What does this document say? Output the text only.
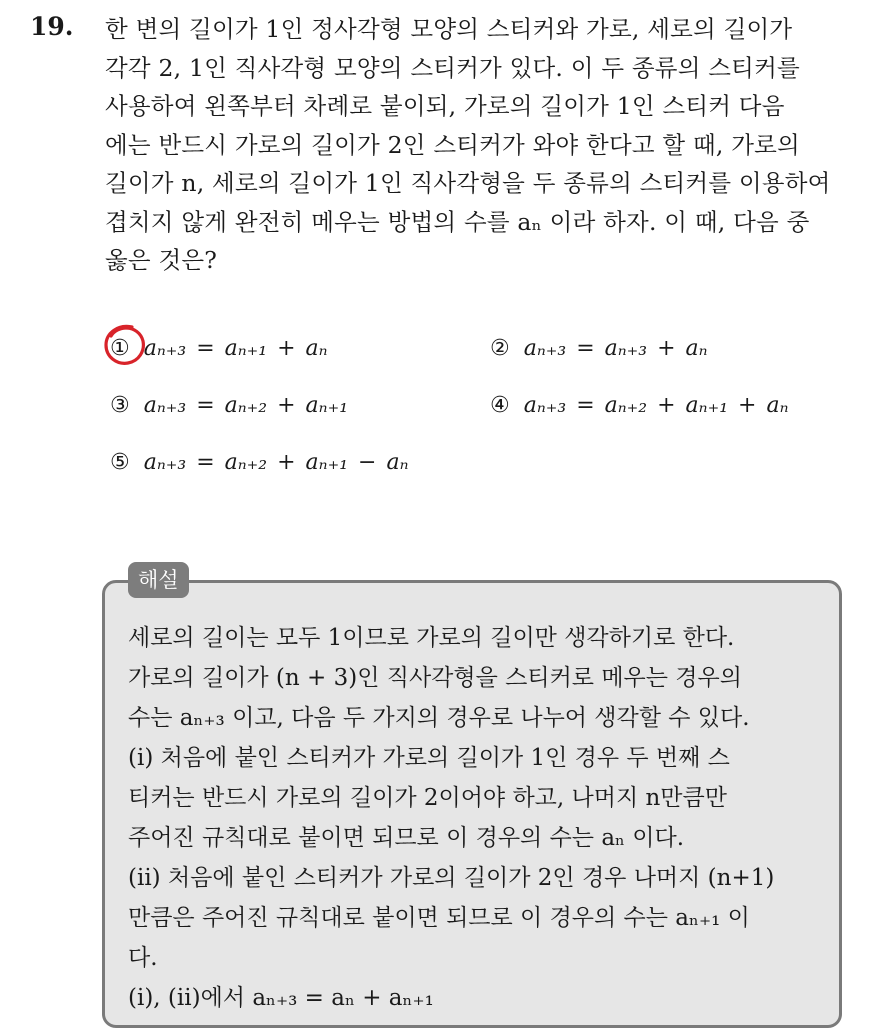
19. 한 변의 길이가 1인 정사각형 모양의 스티커와 가로, 세로의 길이가
각각 2, 1인 직사각형 모양의 스티커가 있다. 이 두 종류의 스티커를
사용하여 왼쪽부터 차례로 붙이되, 가로의 길이가 1인 스티커 다음
에는 반드시 가로의 길이가 2인 스티커가 와야 한다고 할 때, 가로의
길이가 n, 세로의 길이가 1인 직사각형을 두 종류의 스티커를 이용하여
겹치지 않게 완전히 메우는 방법의 수를 aₙ 이라 하자. 이 때, 다음 중
옳은 것은?
① aₙ₊₃ = aₙ₊₁ + aₙ	② aₙ₊₃ = aₙ₊₃ + aₙ
③ aₙ₊₃ = aₙ₊₂ + aₙ₊₁	④ aₙ₊₃ = aₙ₊₂ + aₙ₊₁ + aₙ
⑤ aₙ₊₃ = aₙ₊₂ + aₙ₊₁ − aₙ
해설
세로의 길이는 모두 1이므로 가로의 길이만 생각하기로 한다.
가로의 길이가 (n + 3)인 직사각형을 스티커로 메우는 경우의
수는 aₙ₊₃ 이고, 다음 두 가지의 경우로 나누어 생각할 수 있다.
(i) 처음에 붙인 스티커가 가로의 길이가 1인 경우 두 번째 스
티커는 반드시 가로의 길이가 2이어야 하고, 나머지 n만큼만
주어진 규칙대로 붙이면 되므로 이 경우의 수는 aₙ 이다.
(ii) 처음에 붙인 스티커가 가로의 길이가 2인 경우 나머지 (n+1)
만큼은 주어진 규칙대로 붙이면 되므로 이 경우의 수는 aₙ₊₁ 이
다.
(i), (ii)에서 aₙ₊₃ = aₙ + aₙ₊₁
